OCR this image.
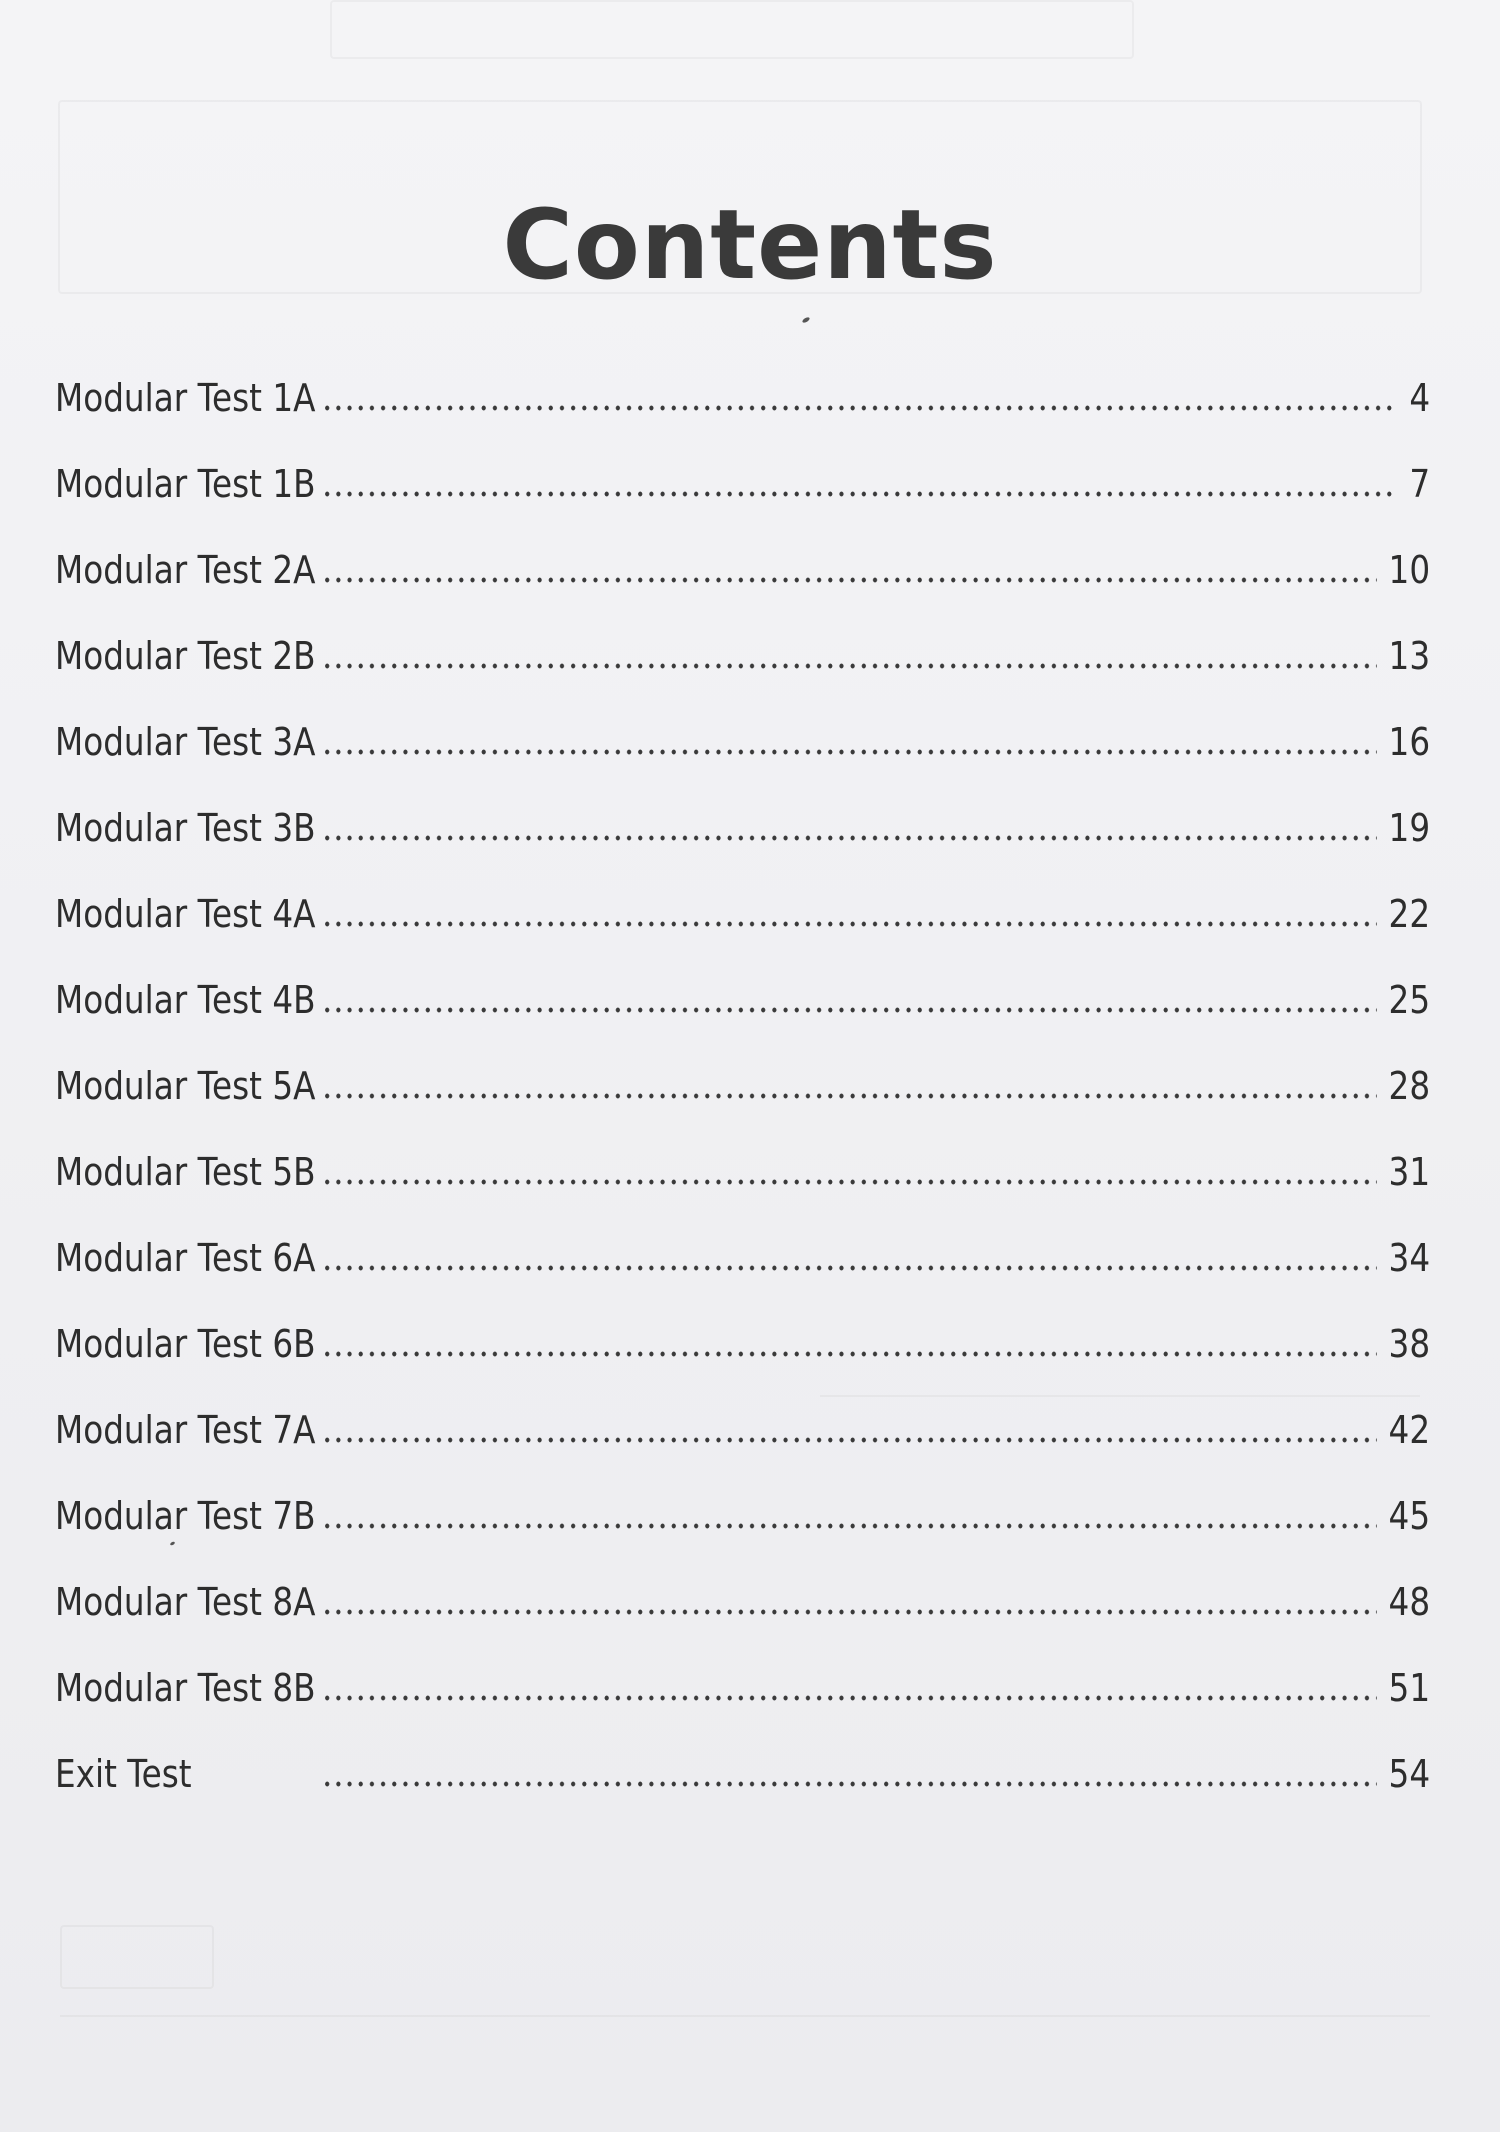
Contents
Modular Test 1A	4
Modular Test 1B	7
Modular Test 2A	10
Modular Test 2B	13
Modular Test 3A	16
Modular Test 3B	19
Modular Test 4A	22
Modular Test 4B	25
Modular Test 5A	28
Modular Test 5B	31
Modular Test 6A	34
Modular Test 6B	38
Modular Test 7A	42
Modular Test 7B	45
Modular Test 8A	48
Modular Test 8B	51
Exit Test	54
